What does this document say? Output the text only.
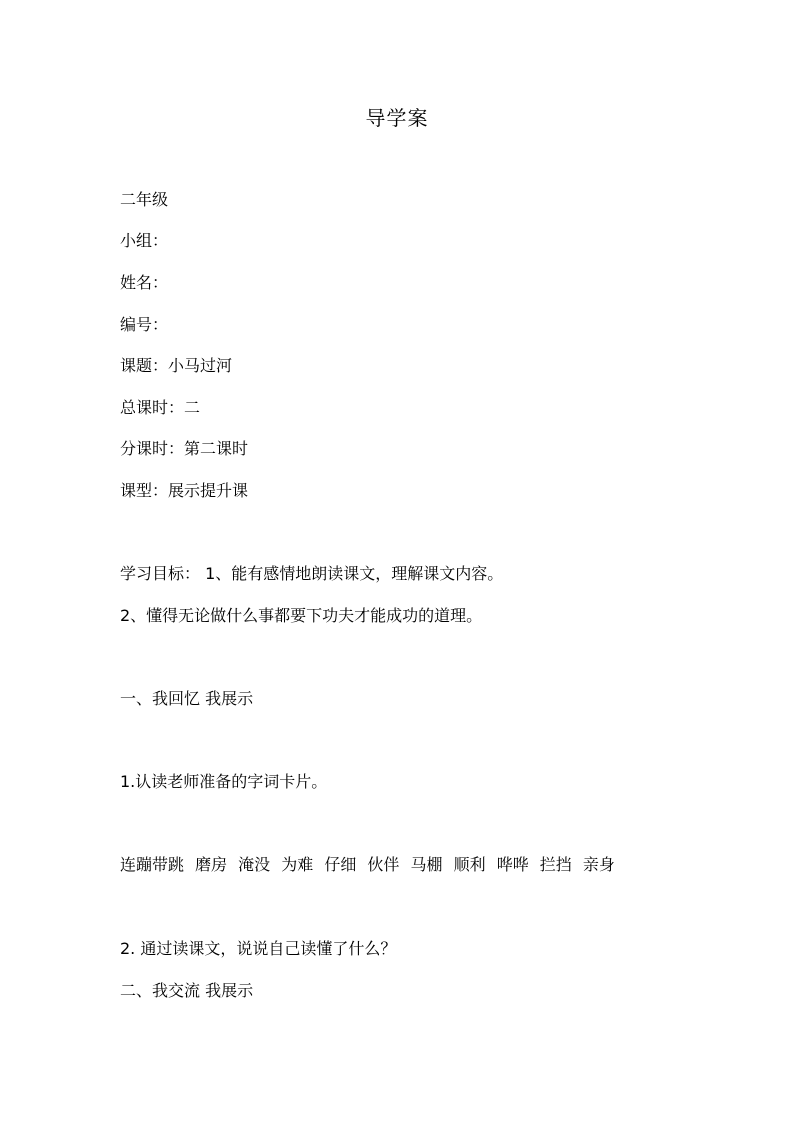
导学案
二年级
小组：
姓名：
编号：
课题：小马过河
总课时：二
分课时：第二课时
课型：展示提升课
学习目标： 1、能有感情地朗读课文，理解课文内容。
2、懂得无论做什么事都要下功夫才能成功的道理。
一、我回忆 我展示
1.认读老师准备的字词卡片。
连蹦带跳 磨房 淹没 为难 仔细 伙伴 马棚 顺利 哗哗 拦挡 亲身
2. 通过读课文，说说自己读懂了什么？
二、我交流 我展示
